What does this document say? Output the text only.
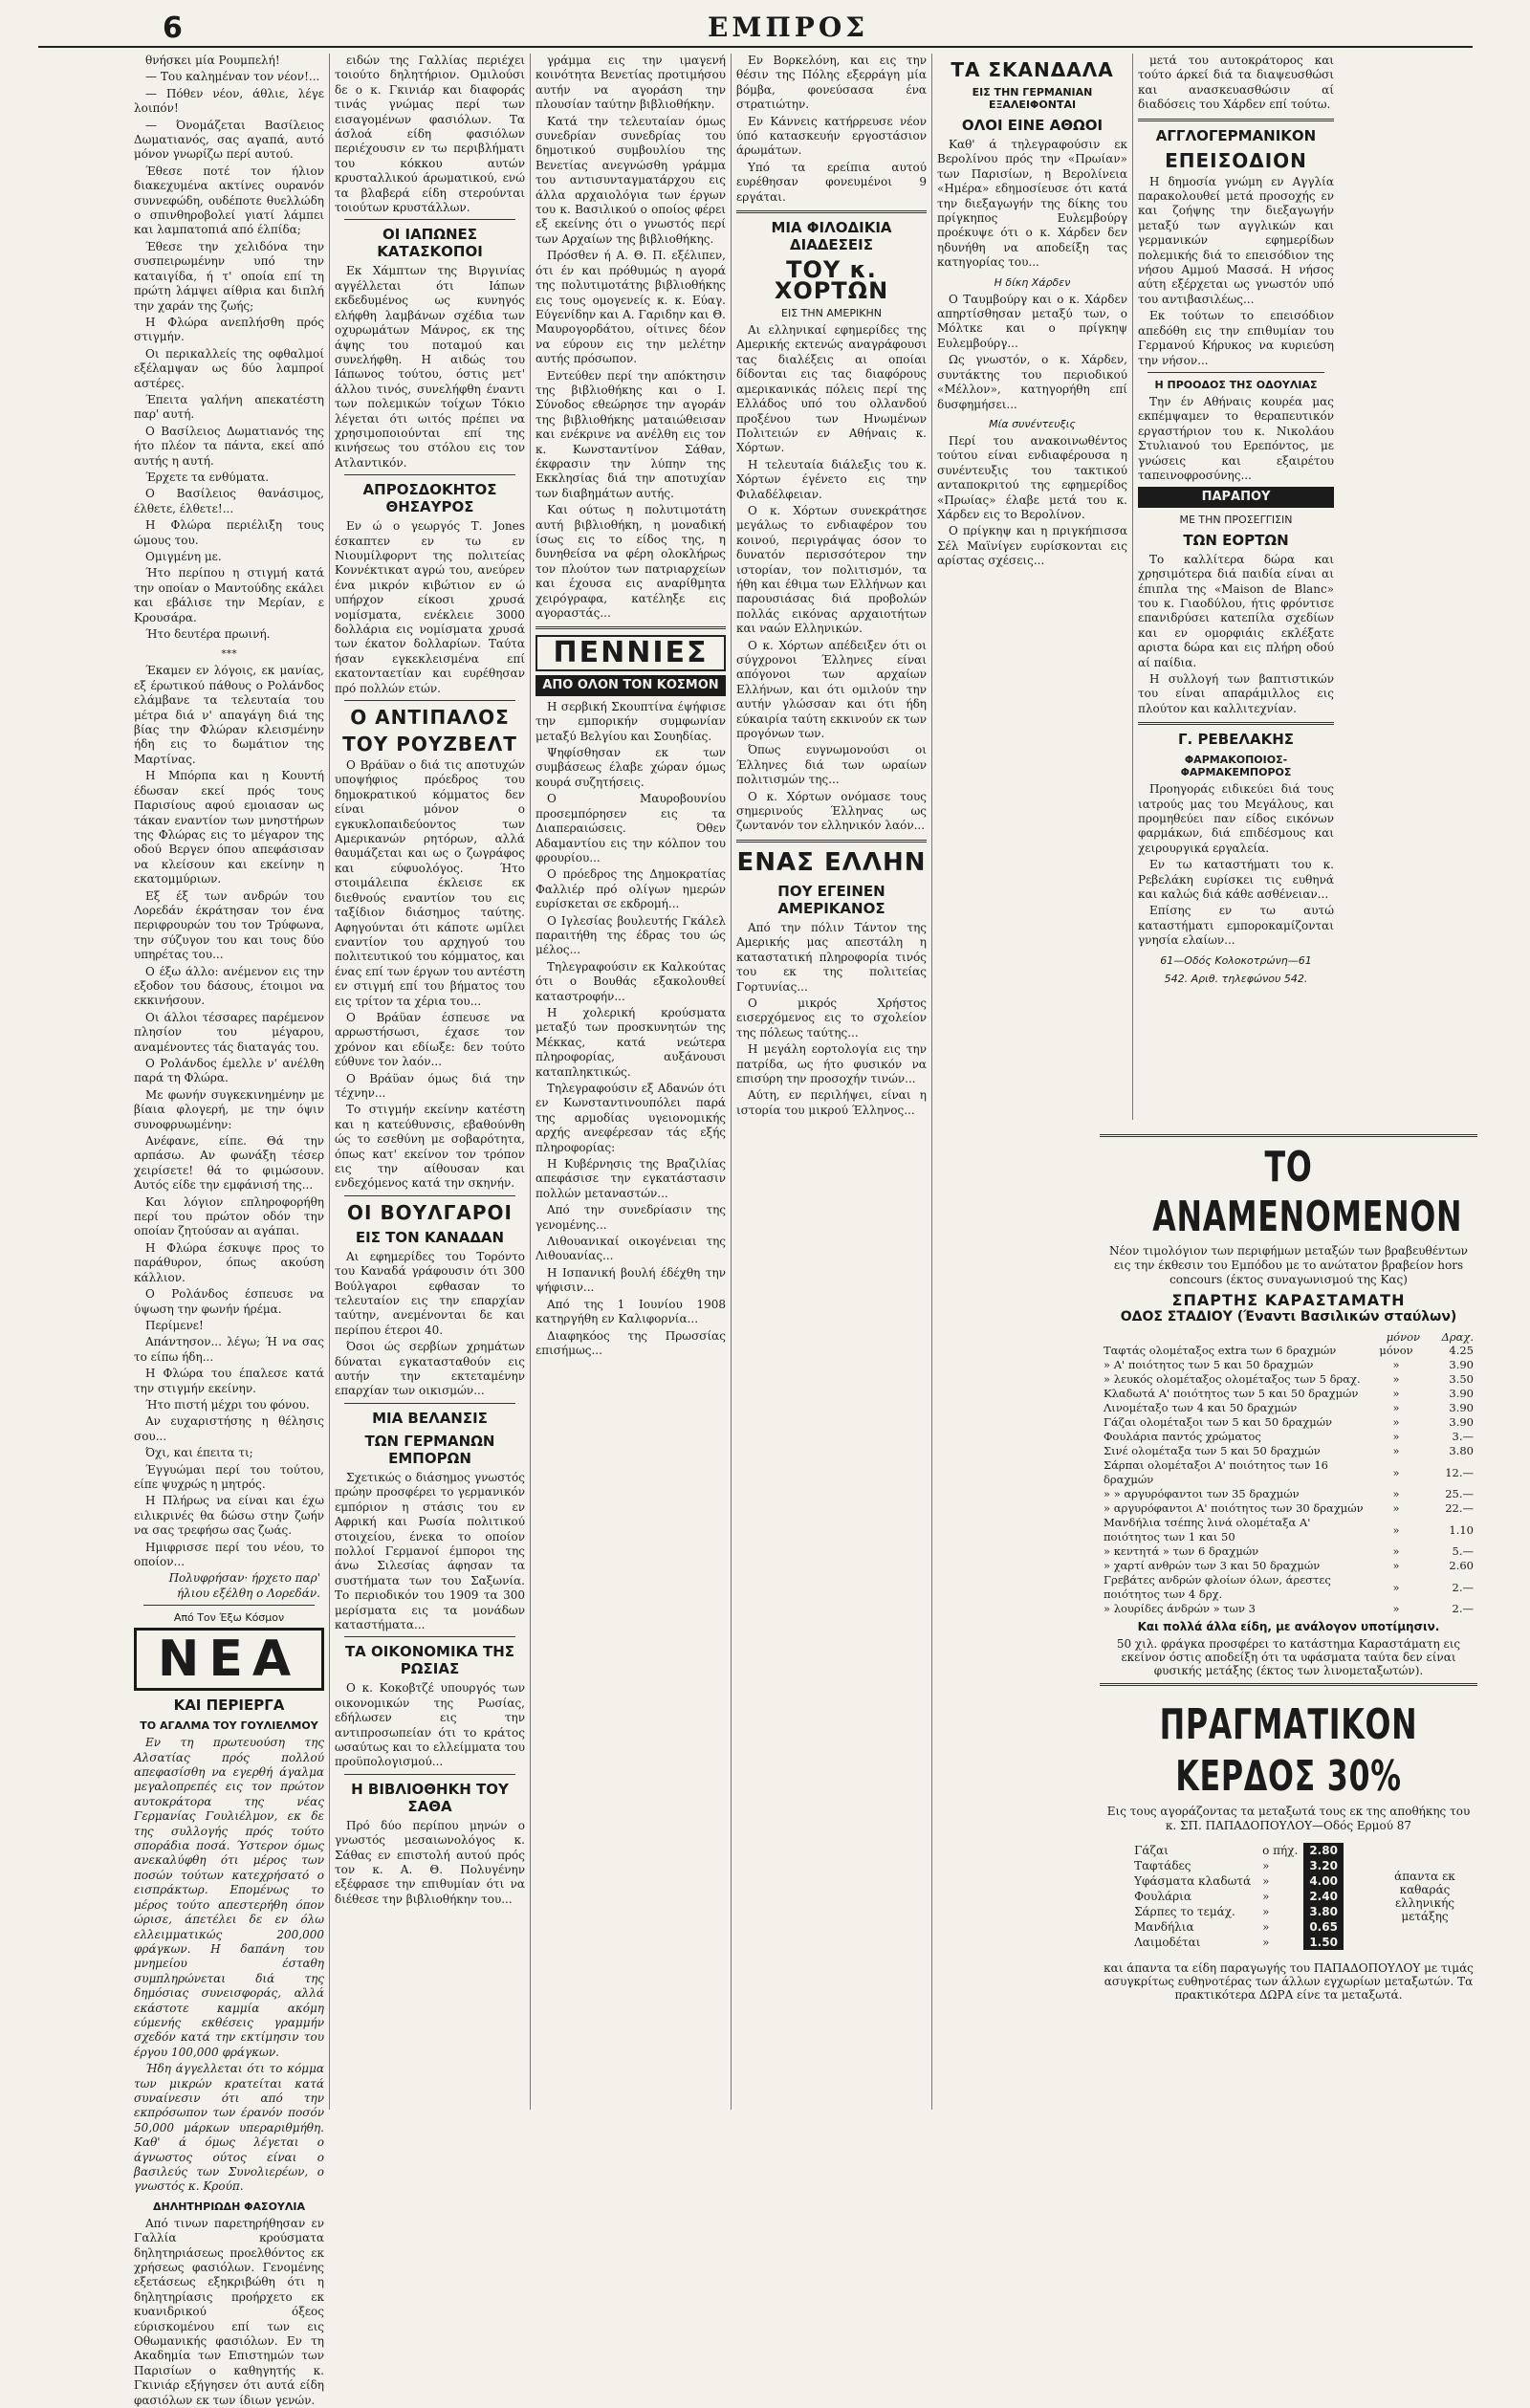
6	ΕΜΠΡΟΣ

θνήσκει μία Ρουμπελή!

— Του καλημέναν τον νέον!...

— Πόθεν νέον, άθλιε, λέγε λοιπόν!

— Όνομάζεται Βασίλειος Δωματιανός, σας αγαπά, αυτό μόνον γνωρίζω περί αυτού.

Έθεσε ποτέ τον ήλιον διακεχυμένα ακτίνες ουρανόν συννεφώδη, ουδέποτε θυελλώδη ο σπινθηροβολεί γιατί λάμπει και λαμπατοπιά από έλπίδα;

Έθεσε την χελιδόνα την συσπειρωμένην υπό την καταιγίδα, ή τ' οποία επί τη πρώτη λάμψει αίθρια και διπλή την χαράν της ζωής;

Η Φλώρα ανεπλήσθη πρός στιγμήν.

Οι περικαλλείς της οφθαλμοί εξέλαμψαν ως δύο λαμπροί αστέρες.

Έπειτα γαλήνη απεκατέστη παρ' αυτή.

Ο Βασίλειος Δωματιανός της ήτο πλέον τα πάντα, εκεί από αυτής η αυτή.

Έρχετε τα ενθύματα.

Ο Βασίλειος θανάσιμος, έλθετε, έλθετε!...

Η Φλώρα περιέλιξη τους ώμους του.

Ομιγμένη με.

Ήτο περίπου η στιγμή κατά την οποίαν ο Μαντούδης εκάλει και εβάλισε την Μερίαν, ε Κρουσάρα.

Ήτο δευτέρα πρωινή.

***

Έκαμεν εν λόγοις, εκ μανίας, εξ έρωτικού πάθους ο Ρολάνδος ελάμβανε τα τελευταία του μέτρα διά ν' απαγάγη διά της βίας την Φλώραν κλεισμένην ήδη εις το δωμάτιον της Μαρτίνας.

Η Μπόρπα και η Κουντή έδωσαν εκεί πρός τους Παρισίους αφού εμοιασαν ως τάκαν εναντίον των μνηστήρων της Φλώρας εις το μέγαρον της οδού Βεργεν όπου απεφάσισαν να κλείσουν και εκείνην η εκατομμύριων.

Εξ έξ των ανδρών του Λορεδάν έκράτησαν τον ένα περιφρουρών του τον Τρύφωνα, την σύζυγον του και τους δύο υπηρέτας του...

Ο έξω άλλο: ανέμενον εις την εξοδον του δάσους, έτοιμοι να εκκινήσουν.

Οι άλλοι τέσσαρες παρέμενον πλησίον του μέγαρου, αναμένοντες τάς διαταγάς του.

Ο Ρολάνδος έμελλε ν' ανέλθη παρά τη Φλώρα.

Με φωνήν συγκεκινημένην με βίαια φλογερή, με την όψιν συνοφρυωμένην:

Ανέφανε, είπε. Θά την αρπάσω. Αν φωνάξη τέσερ χειρίσετε! θά το φιμώσουν. Αυτός είδε την εμφάνισή της...

Και λόγιον επληροφορήθη περί του πρώτον οδόν την οποίαν ζητούσαν αι αγάπαι.

Η Φλώρα έσκυψε προς το παράθυρον, όπως ακούση κάλλιον.

Ο Ρολάνδος έσπευσε να ύψωση την φωνήν ήρέμα.

Περίμενε!

Απάντησον... λέγω; Ή να σας το είπω ήδη...

Η Φλώρα του έπαλεσε κατά την στιγμήν εκείνην.

Ήτο πιστή μέχρι του φόνου.

Αν ευχαριστήσης η θέλησις σου...

Όχι, και έπειτα τι;

Έγγυώμαι περί του τούτου, είπε ψυχρώς η μητρός.

Η Πλήρως να είναι και έχω ειλικρινές θα δώσω στην ζωήν να σας τρεφήσω σας ζωάς.

Ημιφρισσε περί του νέου, το οποίον...

Πολυφρήσαν· ήρχετο παρ' ήλιου εξέλθη ο Λορεδάν.
Από Τον Έξω Κόσμον
ΝΕΑ
ΚΑΙ ΠΕΡΙΕΡΓΑ
ΤΟ ΑΓΑΛΜΑ ΤΟΥ ΓΟΥΛΙΕΛΜΟΥ

Εν τη πρωτευούση της Αλσατίας πρός πολλού απεφασίσθη να εγερθή άγαλμα μεγαλοπρεπές εις τον πρώτον αυτοκράτορα της νέας Γερμανίας Γουλιέλμον, εκ δε της συλλογής πρός τούτο σποράδια ποσά. Ύστερον όμως ανεκαλύφθη ότι μέρος των ποσών τούτων κατεχρήσατό ο εισπράκτωρ. Επομένως το μέρος τούτο απεστερήθη όπον ώρισε, άπετέλει δε εν όλω ελλειμματικώς 200,000 φράγκων. Η δαπάνη του μνημείου έσταθη συμπληρώνεται διά της δημόσιας συνεισφοράς, αλλά εκάστοτε καμμία ακόμη εύμενής εκθέσεις γραμμήν σχεδόν κατά την εκτίμησιν του έργου 100,000 φράγκων.

Ήδη άγγελλεται ότι το κόμμα των μικρών κρατείται κατά συναίνεσιν ότι από την εκπρόσωπον των έρανόν ποσόν 50,000 μάρκων υπεραριθμήθη. Καθ' ά όμως λέγεται ο άγνωστος ούτος είναι ο βασιλεύς των Συνολιερέων, ο γνωστός κ. Κρούπ.

ΔΗΛΗΤΗΡΙΩΔΗ ΦΑΣΟΥΛΙΑ

Από τινων παρετηρήθησαν εν Γαλλία κρούσματα δηλητηριάσεως προελθόντος εκ χρήσεως φασιόλων. Γενομένης εξετάσεως εξηκριβώθη ότι η δηλητηρίασις προήρχετο εκ κυανιδρικού όξεος εύρισκομένου επί των εις Οθωμανικής φασιόλων. Εν τη Ακαδημία των Επιστημών των Παρισίων ο καθηγητής κ. Γκινιάρ εξήγησεν ότι αυτά είδη φασιόλων εκ των ίδιων γενών.

ειδών της Γαλλίας περιέχει τοιούτο δηλητήριον. Ομιλούσι δε ο κ. Γκινιάρ και διαφοράς τινάς γνώμας περί των εισαγομένων φασιόλων. Τα άσλοά είδη φασιόλων περιέχουσιν εν τω περιβλήματι του κόκκου αυτών κρυσταλλικού άρωματικού, ενώ τα βλαβερά είδη στερούνται τοιούτων κρυστάλλων.

ΟΙ ΙΑΠΩΝΕΣ ΚΑΤΑΣΚΟΠΟΙ

Εκ Χάμπτων της Βιργινίας αγγέλλεται ότι Ιάπων εκδεδυμένος ως κυνηγός ελήφθη λαμβάνων σχέδια των οχυρωμάτων Μάνρος, εκ της άψης του ποταμού και συνελήφθη. Η αιδώς του Ιάπωνος τούτου, όστις μετ' άλλου τινός, συνελήφθη έναντι των πολεμικών τοίχων Τόκιο λέγεται ότι ωιτός πρέπει να χρησιμοποιούνται επί της κινήσεως του στόλου εις τον Ατλαντικόν.

ΑΠΡΟΣΔΟΚΗΤΟΣ ΘΗΣΑΥΡΟΣ

Εν ώ ο γεωργός Τ. Jones έσκαπτεν εν τω εν Νιουμίλφορντ της πολιτείας Κοννέκτικατ αγρώ του, ανεύρεν ένα μικρόν κιβώτιον εν ώ υπήρχον είκοσι χρυσά νομίσματα, ενέκλειε 3000 δολλάρια εις νομίσματα χρυσά των έκατον δολλαρίων. Ταύτα ήσαν εγκεκλεισμένα επί εκατονταετίαν και ευρέθησαν πρό πολλών ετών.

Ο ΑΝΤΙΠΑΛΟΣ
ΤΟΥ ΡΟΥΖΒΕΛΤ

Ο Βράϋαν ο διά τις αποτυχών υποψήφιος πρόεδρος του δημοκρατικού κόμματος δεν είναι μόνον ο εγκυκλοπαιδεύοντος των Αμερικανών ρητόρων, αλλά θαυμάζεται και ως ο ζωγράφος και εύφυολόγος. Ήτο στοιμάλειπα έκλεισε εκ διεθνούς εναντίον του εις ταξίδιον διάσημος ταύτης. Αφηγούνται ότι κάποτε ωμίλει εναντίον του αρχηγού του πολιτευτικού του κόμματος, και ένας επί των έργων του αντέστη εν στιγμή επί του βήματος του εις τρίτον τα χέρια του...

Ο Βράϋαν έσπευσε να αρρωστήσωσι, έχασε τον χρόνον και εδίωξε: δεν τούτο εύθυνε τον λαόν...

Ο Βράϋαν όμως διά την τέχνην...

Το στιγμήν εκείνην κατέστη και η κατεύθυνσις, εβαθούνθη ώς το εσεθύνη με σοβαρότητα, όπως κατ' εκείνον τον τρόπον εις την αίθουσαν και ενδεχόμενος κατά την σκηνήν.

ΟΙ ΒΟΥΛΓΑΡΟΙ
ΕΙΣ ΤΟΝ ΚΑΝΑΔΑΝ

Αι εφημερίδες του Τορόντο του Καναδά γράφουσιν ότι 300 Βούλγαροι εφθασαν το τελευταίον εις την επαρχίαν ταύτην, ανεμένονται δε και περίπου έτεροι 40.

Όσοι ώς σερβίων χρημάτων δύναται εγκατασταθούν εις αυτήν την εκτεταμένην επαρχίαν των οικισμών...

ΜΙΑ ΒΕΛΑΝΣΙΣ
ΤΩΝ ΓΕΡΜΑΝΩΝ ΕΜΠΟΡΩΝ

Σχετικώς ο διάσημος γνωστός πρώην προσφέρει το γερμανικόν εμπόριον η στάσις του εν Αφρική και Ρωσία πολιτικού στοιχείου, ένεκα το οποίον πολλοί Γερμανοί έμποροι της άνω Σιλεσίας άφησαν τα συστήματα των του Σαξωνία. Το περιοδικόν του 1909 τα 300 μερίσματα εις τα μονάδων καταστήματα...

ΤΑ ΟΙΚΟΝΟΜΙΚΑ ΤΗΣ ΡΩΣΙΑΣ

Ο κ. Κοκοβτζέ υπουργός των οικονομικών της Ρωσίας, εδήλωσεν εις την αντιπροσωπείαν ότι το κράτος ωσαύτως και το ελλείμματα του προϋπολογισμού...

Η ΒΙΒΛΙΟΘΗΚΗ ΤΟΥ ΣΑΘΑ

Πρό δύο περίπου μηνών ο γνωστός μεσαιωνολόγος κ. Σάθας εν επιστολή αυτού πρός τον κ. Α. Θ. Πολυγένην εξέφρασε την επιθυμίαν ότι να διέθεσε την βιβλιοθήκην του...

γράμμα εις την ιμαγενή κοινότητα Βενετίας προτιμήσου αυτήν να αγοράση την πλουσίαν ταύτην βιβλιοθήκην.

Κατά την τελευταίαν όμως συνεδρίαν συνεδρίας του δημοτικού συμβουλίου της Βενετίας ανεγνώσθη γράμμα του αντισυνταγματάρχου εις άλλα αρχαιολόγια των έργων του κ. Βασιλικού ο οποίος φέρει εξ εκείνης ότι ο γνωστός περί των Αρχαίων της βιβλιοθήκης.

Πρόσθεν ή Α. Θ. Π. εξέλιπεν, ότι έν και πρόθυμώς η αγορά της πολυτιμοτάτης βιβλιοθήκης εις τους ομογενείς κ. κ. Εύαγ. Εύγενίδην και Α. Γαριδην και Θ. Μαυρογορδάτου, οίτινες δέον να εύρουν εις την μελέτην αυτής πρόσωπον.

Εντεύθεν περί την απόκτησιν της βιβλιοθήκης και ο Ι. Σύνοδος εθεώρησε την αγοράν της βιβλιοθήκης ματαιώθεισαν και ενέκρινε να ανέλθη εις τον κ. Κωνσταντίνον Σάθαν, έκφρασιν την λύπην της Εκκλησίας διά την αποτυχίαν των διαβημάτων αυτής.

Και ούτως η πολυτιμοτάτη αυτή βιβλιοθήκη, η μοναδική ίσως εις το είδος της, η δυνηθείσα να φέρη ολοκλήρως τον πλούτον των πατριαρχείων και έχουσα εις αναρίθμητα χειρόγραφα, κατέληξε εις αγοραστάς...

ΠΕΝΝΙΕΣ
ΑΠΟ ΟΛΟΝ ΤΟΝ ΚΟΣΜΟΝ

Η σερβική Σκουπτίνα έψήφισε την εμπορικήν συμφωνίαν μεταξύ Βελγίου και Σουηδίας.

Ψηφίσθησαν εκ των συμβάσεως έλαβε χώραν όμως κουρά συζητήσεις.

Ο Μαυροβουνίου προσεμπόρησεν εις τα Διαπεραιώσεις. Όθεν Αδαμαντίου εις την κόλπον του φρουρίου...

Ο πρόεδρος της Δημοκρατίας Φαλλιέρ πρό ολίγων ημερών ευρίσκεται σε εκδρομή...

Ο Ιγλεσίας βουλευτής Γκάλελ παραιτήθη της έδρας του ώς μέλος...

Τηλεγραφούσιν εκ Καλκούτας ότι ο Βουθάς εξακολουθεί καταστροφήν...

Η χολερική κρούσματα μεταξύ των προσκυνητών της Μέκκας, κατά νεώτερα πληροφορίας, αυξάνουσι καταπληκτικώς.

Τηλεγραφούσιν εξ Αδανών ότι εν Κωνσταντινουπόλει παρά της αρμοδίας υγειονομικής αρχής ανεφέρεσαν τάς εξής πληροφορίας:

Η Κυβέρνησις της Βραζιλίας απεφάσισε την εγκατάστασιν πολλών μεταναστών...

Από την συνεδρίασιν της γενομένης...

Λιθουανικαί οικογένειαι της Λιθουανίας...

Η Ισπανική βουλή έδέχθη την ψήφισιν...

Από της 1 Ιουνίου 1908 κατηργήθη εν Καλιφορνία...

Διαφηκόος της Πρωσσίας επισήμως...

Εν Βορκελόνη, και εις την θέσιν της Πόλης εξερράγη μία βόμβα, φονεύσασα ένα στρατιώτην.

Εν Κάννεις κατήρρευσε νέον ύπό κατασκευήν εργοστάσιον άρωμάτων.

Υπό τα ερείπια αυτού ευρέθησαν φονευμένοι 9 εργάται.

ΜΙΑ ΦΙΛΟΔΙΚΙΑ ΔΙΑΔΕΣΕΙΣ
ΤΟΥ κ. ΧΟΡΤΩΝ
ΕΙΣ ΤΗΝ ΑΜΕΡΙΚΗΝ

Αι ελληνικαί εφημερίδες της Αμερικής εκτενώς αναγράφουσι τας διαλέξεις αι οποίαι δίδονται εις τας διαφόρους αμερικανικάς πόλεις περί της Ελλάδος υπό του ολλανδού προξένου των Ηνωμένων Πολιτειών εν Αθήναις κ. Χόρτων.

Η τελευταία διάλεξις του κ. Χόρτων έγένετο εις την Φιλαδέλφειαν.

Ο κ. Χόρτων συνεκράτησε μεγάλως το ενδιαφέρον του κοινού, περιγράψας όσον το δυνατόν περισσότερον την ιστορίαν, τον πολιτισμόν, τα ήθη και έθιμα των Ελλήνων και παρουσιάσας διά προβολών πολλάς εικόνας αρχαιοτήτων και ναών Ελληνικών.

Ο κ. Χόρτων απέδειξεν ότι οι σύγχρονοι Έλληνες είναι απόγονοι των αρχαίων Ελλήνων, και ότι ομιλούν την αυτήν γλώσσαν και ότι ήδη εύκαιρία ταύτη εκκινούν εκ των προγόνων των.

Όπως ευγνωμονούσι οι Έλληνες διά των ωραίων πολιτισμών της...

Ο κ. Χόρτων ονόμασε τους σημερινούς Έλληνας ως ζωντανόν τον ελληνικόν λαόν...

ΕΝΑΣ ΕΛΛΗΝ
ΠΟΥ ΕΓΕΙΝΕΝ ΑΜΕΡΙΚΑΝΟΣ

Από την πόλιν Τάντον της Αμερικής μας απεστάλη η καταστατική πληροφορία τινός του εκ της πολιτείας Γορτυνίας...

Ο μικρός Χρήστος εισερχόμενος εις το σχολείον της πόλεως ταύτης...

Η μεγάλη εορτολογία εις την πατρίδα, ως ήτο φυσικόν να επισύρη την προσοχήν τινών...

Αύτη, εν περιλήψει, είναι η ιστορία του μικρού Έλληνος...

ΤΑ ΣΚΑΝΔΑΛΑ
ΕΙΣ ΤΗΝ ΓΕΡΜΑΝΙΑΝ ΕΞΑΛΕΙΦΟΝΤΑΙ
ΟΛΟΙ ΕΙΝΕ ΑΘΩΟΙ

Καθ' ά τηλεγραφούσιν εκ Βερολίνου πρός την «Πρωίαν» των Παρισίων, η Βερολίνεια «Ημέρα» εδημοσίευσε ότι κατά την διεξαγωγήν της δίκης του πρίγκηπος Ευλεμβούργ προέκυψε ότι ο κ. Χάρδεν δεν ηδυνήθη να αποδείξη τας κατηγορίας του...

Η δίκη Χάρδεν

Ο Ταυμβούργ και ο κ. Χάρδεν απηρτίσθησαν μεταξύ των, ο Μόλτκε και ο πρίγκηψ Ευλεμβούργ...

Ως γνωστόν, ο κ. Χάρδεν, συντάκτης του περιοδικού «Μέλλον», κατηγορήθη επί δυσφημήσει...

Μία συνέντευξις

Περί του ανακοινωθέντος τούτου είναι ενδιαφέρουσα η συνέντευξις του τακτικού ανταποκριτού της εφημερίδος «Πρωίας» έλαβε μετά του κ. Χάρδεν εις το Βερολίνον.

Ο πρίγκηψ και η πριγκήπισσα Σέλ Μαϊνίγεν ευρίσκονται εις αρίστας σχέσεις...

μετά του αυτοκράτορος και τούτο άρκεί διά τα διαψευσθώσι και ανασκευασθώσιν αί διαδόσεις του Χάρδεν επί τούτω.

ΑΓΓΛΟΓΕΡΜΑΝΙΚΟΝ
ΕΠΕΙΣΟΔΙΟΝ

Η δημοσία γνώμη εν Αγγλία παρακολουθεί μετά προσοχής εν και ζοήψης την διεξαγωγήν μεταξύ των αγγλικών και γερμανικών εφημερίδων πολεμικής διά το επεισόδιον της νήσου Αμμού Μασσά. Η νήσος αύτη εξέρχεται ως γνωστόν υπό του αντιβασιλέως...

Εκ τούτων το επεισόδιον απεδόθη εις την επιθυμίαν του Γερμανού Κήρυκος να κυριεύση την νήσον...

Η ΠΡΟΟΔΟΣ ΤΗΣ ΟΔΟΥΛΙΑΣ

Την έν Αθήναις κουρέα μας εκπέμψαμεν το θεραπευτικόν εργαστήριον του κ. Νικολάου Στυλιανού του Ερεπόντος, με γνώσεις και εξαιρέτου ταπεινοφροσύνης...

ΠΑΡΑΠΟΥ
ΜΕ ΤΗΝ ΠΡΟΣΕΓΓΙΣΙΝ
ΤΩΝ ΕΟΡΤΩΝ

Το καλλίτερα δώρα και χρησιμότερα διά παιδία είναι αι έπιπλα της «Maison de Blanc» του κ. Γιαοδύλου, ήτις φρόντισε επανιδρύσει κατεπίλα σχεδίων και εν ομορφιάις εκλέξατε αριστα δώρα και εις πλήρη οδού αί παίδια.

Η συλλογή των βαπτιστικών του είναι απαράμιλλος εις πλούτον και καλλιτεχνίαν.

Γ. ΡΕΒΕΛΑΚΗΣ
ΦΑΡΜΑΚΟΠΟΙΟΣ-ΦΑΡΜΑΚΕΜΠΟΡΟΣ

Προηγοράς ειδικεύει διά τους ιατρούς μας του Μεγάλους, και προμηθεύει παν είδος εικόνων φαρμάκων, διά επιδέσμους και χειρουργικά εργαλεία.

Εν τω καταστήματι του κ. Ρεβελάκη ευρίσκει τις ευθηνά και καλώς διά κάθε ασθένειαν...

Επίσης εν τω αυτώ καταστήματι εμποροκαμίζονται γνησία ελαίων...

61—Οδός Κολοκοτρώνη—61
542. Αριθ. τηλεφώνου 542.
ΤΟ ΑΝΑΜΕΝΟΜΕΝΟΝ
Νέον τιμολόγιον των περιφήμων μεταξών των βραβευθέντων εις την έκθεσιν του Εμπόδου με το ανώτατον βραβείον hors concours (έκτος συναγωνισμού της Κας)
ΣΠΑΡΤΗΣ ΚΑΡΑΣΤΑΜΑΤΗ
ΟΔΟΣ ΣΤΑΔΙΟΥ (Έναντι Βασιλικών σταύλων)
	μόνον	Δραχ.
Ταφτάς ολομέταξος extra των 6 δραχμών	μόνον	4.25
» Α' ποιότητος των 5 και 50 δραχμών	»	3.90
» λευκός ολομέταξος ολομέταξος των 5 δραχ.	»	3.50
Κλαδωτά Α' ποιότητος των 5 και 50 δραχμών	»	3.90
Λινομέταξο των 4 και 50 δραχμών	»	3.90
Γάζαι ολομέταξοι των 5 και 50 δραχμών	»	3.90
Φουλάρια παντός χρώματος	»	3.—
Σινέ ολομέταξα των 5 και 50 δραχμών	»	3.80
Σάρπαι ολομέταξοι Α' ποιότητος των 16 δραχμών	»	12.—
» » αργυρόφαντοι των 35 δραχμών	»	25.—
» αργυρόφαντοι Α' ποιότητος των 30 δραχμών	»	22.—
Μανδήλια τσέπης λινά ολομέταξα Α' ποιότητος των 1 και 50	»	1.10
» κεντητά » των 6 δραχμών	»	5.—
» χαρτί ανθρών των 3 και 50 δραχμών	»	2.60
Γρεβάτες ανδρών φλοίων όλων, άρεστες ποιότητος των 4 δρχ.	»	2.—
» λουρίδες άνδρών » των 3	»	2.—
Και πολλά άλλα είδη, με ανάλογον υποτίμησιν.
50 χιλ. φράγκα προσφέρει το κατάστημα Καραστάματη εις εκείνον όστις αποδείξη ότι τα υφάσματα ταύτα δεν είναι φυσικής μετάξης (έκτος των λινομεταξωτών).
ΠΡΑΓΜΑΤΙΚΟΝ ΚΕΡΔΟΣ 30%
Εις τους αγοράζοντας τα μεταξωτά τους εκ της αποθήκης του κ. ΣΠ. ΠΑΠΑΔΟΠΟΥΛΟΥ—Οδός Ερμού 87
Γάζαι	ο πήχ.	2.80
Ταφτάδες	»	3.20
Υφάσματα κλαδωτά	»	4.00
Φουλάρια	»	2.40
Σάρπες το τεμάχ.	»	3.80
Μανδήλια	»	0.65
Λαιμοδέται	»	1.50
άπαντα εκ καθαράς ελληνικής μετάξης
και άπαντα τα είδη παραγωγής του ΠΑΠΑΔΟΠΟΥΛΟΥ με τιμάς ασυγκρίτως ευθηνοτέρας των άλλων εγχωρίων μεταξωτών. Τα πρακτικότερα ΔΩΡΑ είνε τα μεταξωτά.
